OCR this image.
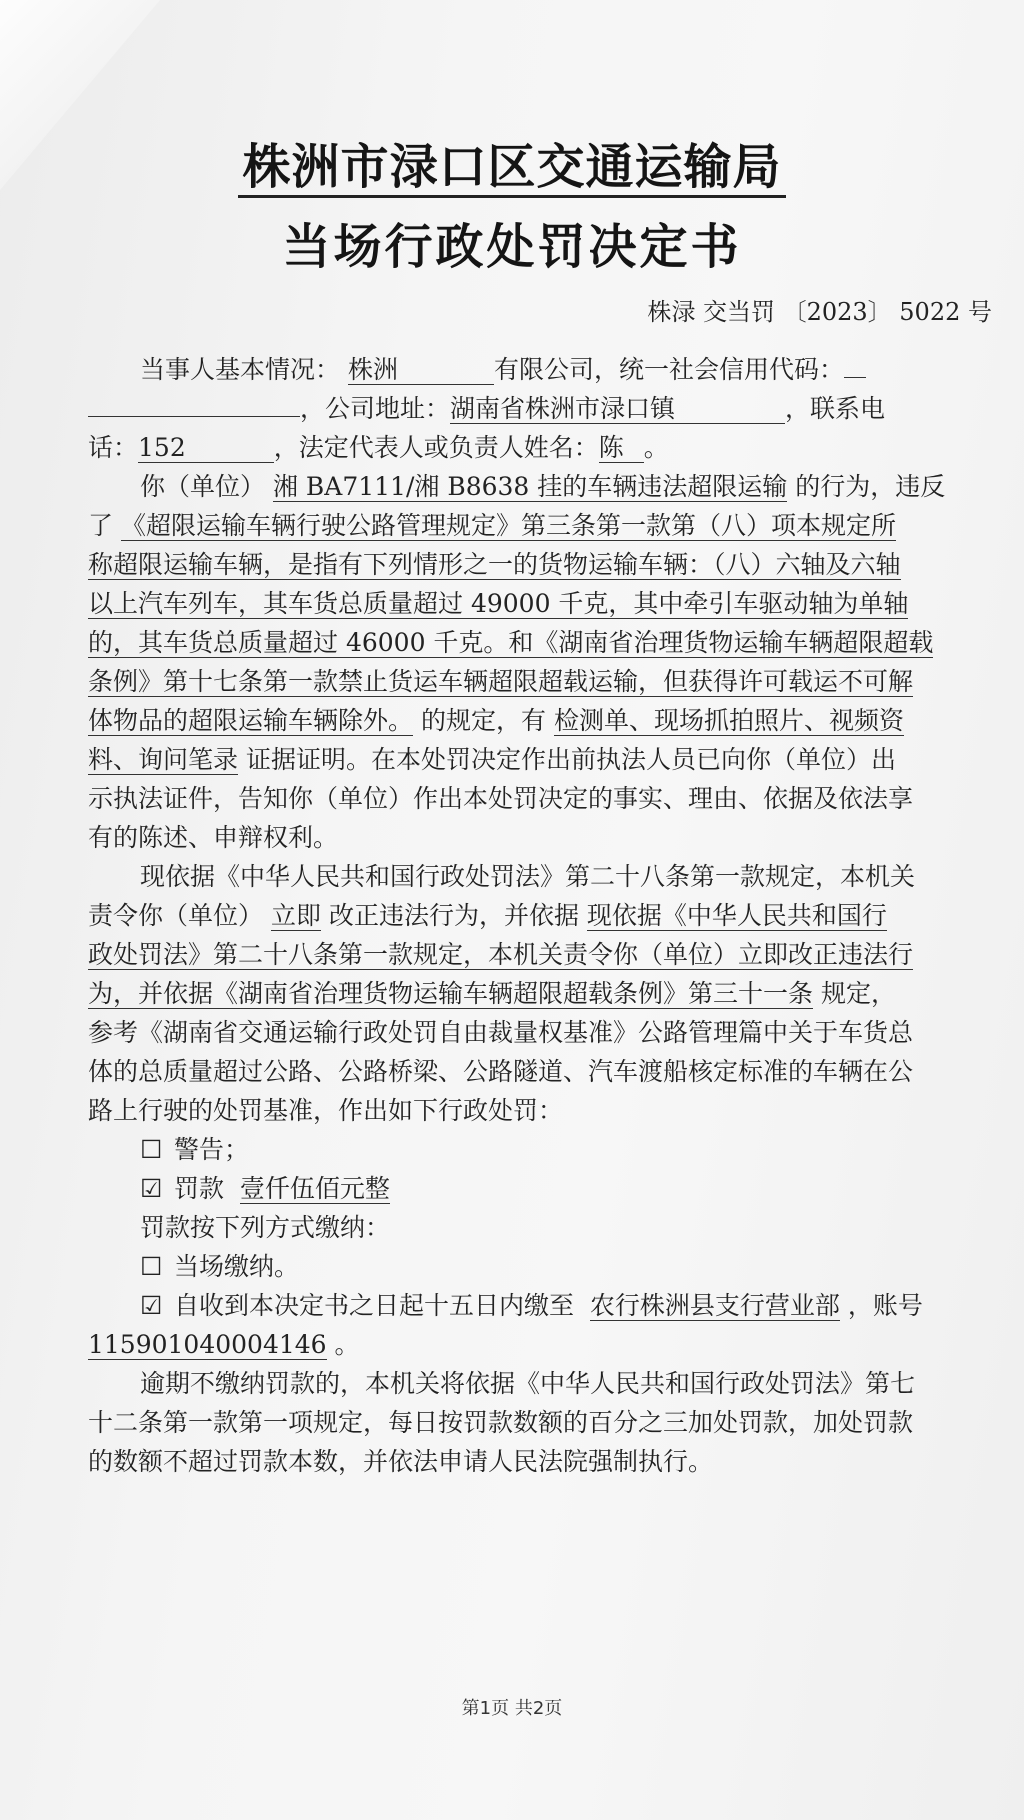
株洲市渌口区交通运输局
当场行政处罚决定书
株渌 交当罚 〔2023〕 5022 号
当事人基本情况： 株洲	有限公司，统一社会信用代码：
，公司地址：湖南省株洲市渌口镇	，联系电
话：152	，法定代表人或负责人姓名：陈 。
你（单位） 湘 BA7111/湘 B8638 挂的车辆违法超限运输 的行为，违反
了 《超限运输车辆行驶公路管理规定》第三条第一款第（八）项本规定所
称超限运输车辆，是指有下列情形之一的货物运输车辆：（八）六轴及六轴
以上汽车列车，其车货总质量超过 49000 千克，其中牵引车驱动轴为单轴
的，其车货总质量超过 46000 千克。和《湖南省治理货物运输车辆超限超载
条例》第十七条第一款禁止货运车辆超限超载运输，但获得许可载运不可解
体物品的超限运输车辆除外。 的规定，有 检测单、现场抓拍照片、视频资
料、询问笔录 证据证明。在本处罚决定作出前执法人员已向你（单位）出
示执法证件，告知你（单位）作出本处罚决定的事实、理由、依据及依法享
有的陈述、申辩权利。
现依据《中华人民共和国行政处罚法》第二十八条第一款规定，本机关
责令你（单位） 立即 改正违法行为，并依据 现依据《中华人民共和国行
政处罚法》第二十八条第一款规定，本机关责令你（单位）立即改正违法行
为，并依据《湖南省治理货物运输车辆超限超载条例》第三十一条 规定，
参考《湖南省交通运输行政处罚自由裁量权基准》公路管理篇中关于车货总
体的总质量超过公路、公路桥梁、公路隧道、汽车渡船核定标准的车辆在公
路上行驶的处罚基准，作出如下行政处罚：
☐ 警告；
☑ 罚款 壹仟伍佰元整
罚款按下列方式缴纳：
☐ 当场缴纳。
☑ 自收到本决定书之日起十五日内缴至 农行株洲县支行营业部 ，账号
115901040004146 。
逾期不缴纳罚款的，本机关将依据《中华人民共和国行政处罚法》第七
十二条第一款第一项规定，每日按罚款数额的百分之三加处罚款，加处罚款
的数额不超过罚款本数，并依法申请人民法院强制执行。
第1页 共2页
